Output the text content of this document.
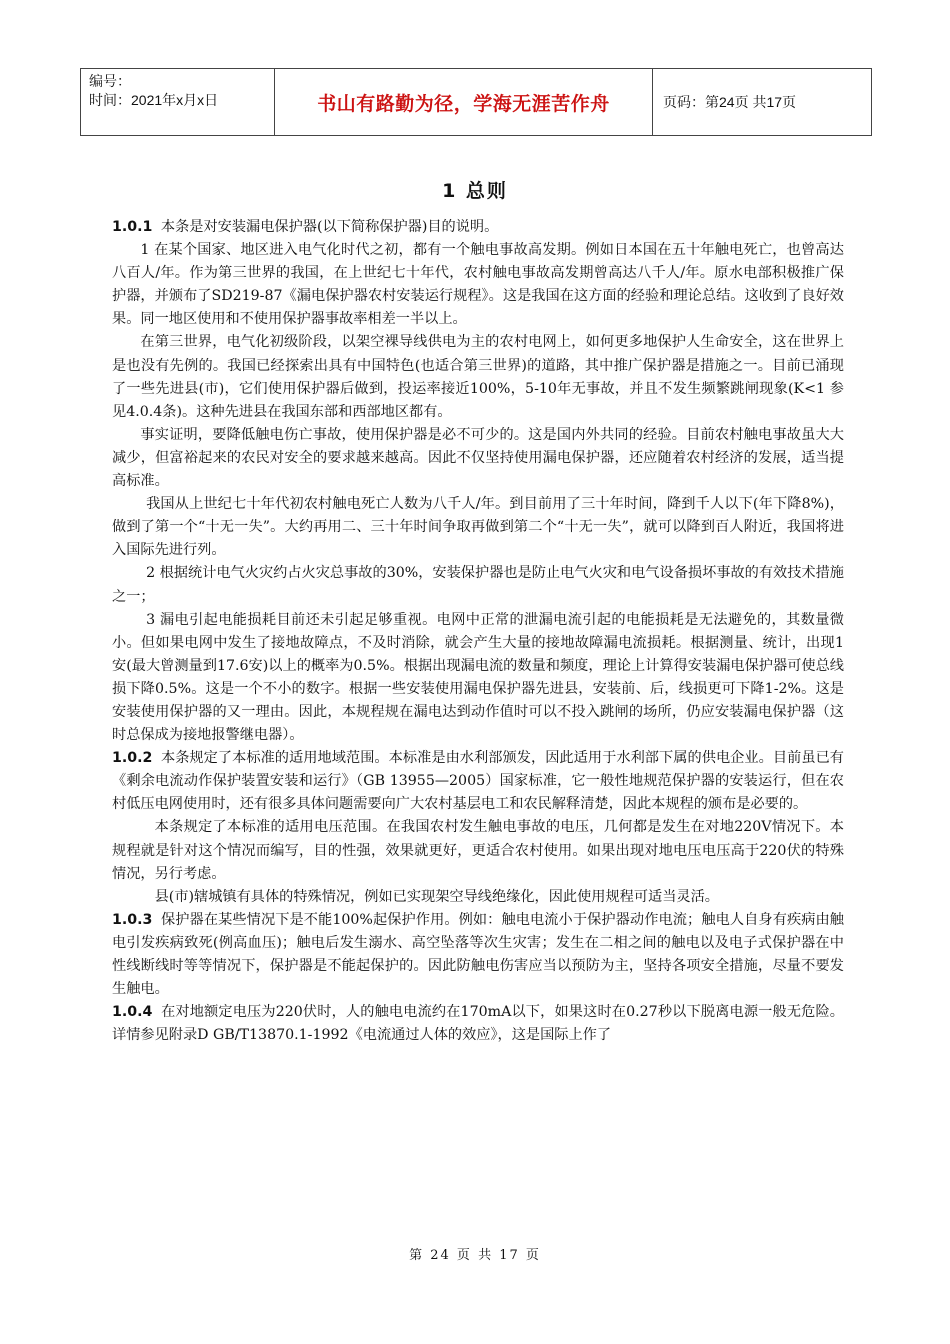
编号：
时间：2021年x月x日	书山有路勤为径，学海无涯苦作舟	页码：第24页 共17页
1 总则

1.0.1 本条是对安装漏电保护器(以下简称保护器)目的说明。

1 在某个国家、地区进入电气化时代之初，都有一个触电事故高发期。例如日本国在五十年触电死亡，也曾高达八百人/年。作为第三世界的我国，在上世纪七十年代，农村触电事故高发期曾高达八千人/年。原水电部积极推广保护器，并颁布了SD219-87《漏电保护器农村安装运行规程》。这是我国在这方面的经验和理论总结。这收到了良好效果。同一地区使用和不使用保护器事故率相差一半以上。

在第三世界，电气化初级阶段，以架空裸导线供电为主的农村电网上，如何更多地保护人生命安全，这在世界上是也没有先例的。我国已经探索出具有中国特色(也适合第三世界)的道路，其中推广保护器是措施之一。目前已涌现了一些先进县(市)，它们使用保护器后做到，投运率接近100%，5-10年无事故，并且不发生频繁跳闸现象(K<1 参见4.0.4条)。这种先进县在我国东部和西部地区都有。

事实证明，要降低触电伤亡事故，使用保护器是必不可少的。这是国内外共同的经验。目前农村触电事故虽大大减少，但富裕起来的农民对安全的要求越来越高。因此不仅坚持使用漏电保护器，还应随着农村经济的发展，适当提高标准。

我国从上世纪七十年代初农村触电死亡人数为八千人/年。到目前用了三十年时间，降到千人以下(年下降8%)，做到了第一个“十无一失”。大约再用二、三十年时间争取再做到第二个“十无一失”，就可以降到百人附近，我国将进入国际先进行列。

2 根据统计电气火灾约占火灾总事故的30%，安装保护器也是防止电气火灾和电气设备损坏事故的有效技术措施之一；

3 漏电引起电能损耗目前还未引起足够重视。电网中正常的泄漏电流引起的电能损耗是无法避免的，其数量微小。但如果电网中发生了接地故障点，不及时消除，就会产生大量的接地故障漏电流损耗。根据测量、统计，出现1安(最大曾测量到17.6安)以上的概率为0.5%。根据出现漏电流的数量和频度，理论上计算得安装漏电保护器可使总线损下降0.5%。这是一个不小的数字。根据一些安装使用漏电保护器先进县，安装前、后，线损更可下降1-2%。这是安装使用保护器的又一理由。因此，本规程规在漏电达到动作值时可以不投入跳闸的场所，仍应安装漏电保护器（这时总保成为接地报警继电器）。

1.0.2 本条规定了本标准的适用地域范围。本标准是由水利部颁发，因此适用于水利部下属的供电企业。目前虽已有《剩余电流动作保护装置安装和运行》（GB 13955—2005）国家标准，它一般性地规范保护器的安装运行，但在农村低压电网使用时，还有很多具体问题需要向广大农村基层电工和农民解释清楚，因此本规程的颁布是必要的。

本条规定了本标准的适用电压范围。在我国农村发生触电事故的电压，几何都是发生在对地220V情况下。本规程就是针对这个情况而编写，目的性强，效果就更好，更适合农村使用。如果出现对地电压电压高于220伏的特殊情况，另行考虑。

县(市)辖城镇有具体的特殊情况，例如已实现架空导线绝缘化，因此使用规程可适当灵活。

1.0.3 保护器在某些情况下是不能100%起保护作用。例如：触电电流小于保护器动作电流；触电人自身有疾病由触电引发疾病致死(例高血压)；触电后发生溺水、高空坠落等次生灾害；发生在二相之间的触电以及电子式保护器在中性线断线时等等情况下，保护器是不能起保护的。因此防触电伤害应当以预防为主，坚持各项安全措施，尽量不要发生触电。

1.0.4 在对地额定电压为220伏时，人的触电电流约在170mA以下，如果这时在0.27秒以下脱离电源一般无危险。详情参见附录D GB/T13870.1-1992《电流通过人体的效应》，这是国际上作了

第 24 页 共 17 页
